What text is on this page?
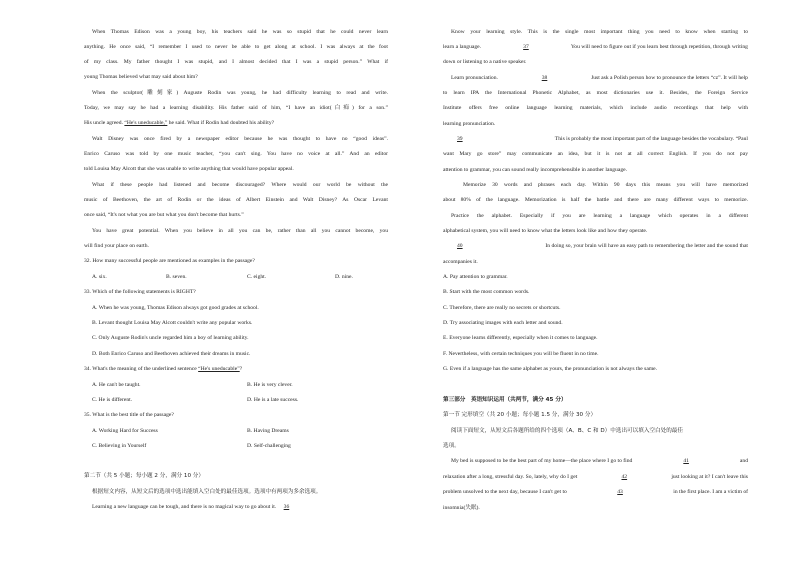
When Thomas Edison was a young boy, his teachers said he was so stupid that he could never learn
anything. He once said, “I remember I used to never be able to get along at school. I was always at the foot
of my class. My father thought I was stupid, and I almost decided that I was a stupid person.” What if
young Thomas believed what may said about him?
When the sculptor(雕刻家) Auguste Rodin was young, he had difficulty learning to read and write.
Today, we may say he had a learning disability. His father said of him, “I have an idiot(白痴) for a son.”
His uncle agreed. “He's uneducable,” he said. What if Rodin had doubted his ability?
Walt Disney was once fired by a newspaper editor because he was thought to have no “good ideas”.
Enrico Caruso was told by one music teacher, “you can't sing. You have no voice at all.” And an editor
told Louisa May Alcott that she was unable to write anything that would have popular appeal.
What if these people had listened and become discouraged? Where would our world be without the
music of Beethoven, the art of Rodin or the ideas of Albert Einstein and Walt Disney? As Oscar Levant
once said, “It's not what you are but what you don't become that hurts.”
You have great potential. When you believe in all you can be, rather than all you cannot become, you
will find your place on earth.
32. How many successful people are mentioned as examples in the passage?
A. six.	B. seven.	C. eight.	D. nine.
33. Which of the following statements is RIGHT?
A. When he was young, Thomas Edison always got good grades at school.
B. Levant thought Louisa May Alcott couldn't write any popular works.
C. Only Auguste Rodin's uncle regarded him a boy of learning ability.
D. Both Enrico Caruso and Beethoven achieved their dreams in music.
34. What's the meaning of the underlined sentence “He's uneducable”?
A. He can't be taught.	B. He is very clever.
C. He is different.	D. He is a late success.
35. What is the best title of the passage?
A. Working Hard for Success	B. Having Dreams
C. Believing in Yourself	D. Self-challenging
第二节（共 5 小题；每小题 2 分，满分 10 分）
根据短文内容，从短文后的选项中选出能填入空白处的最佳选项。选项中有两项为多余选项。
Learning a new language can be tough, and there is no magical way to go about it. 36
Know your learning style. This is the single most important thing you need to know when starting to
learn a language.	37	You will need to figure out if you learn best through repetition, through writing
down or listening to a native speaker.
Learn pronunciation.	38	Just ask a Polish person how to pronounce the letters “cz”. It will help
to learn IPA the International Phonetic Alphabet, as most dictionaries use it. Besides, the Foreign Service
Institute offers free online language learning materials, which include audio recordings that help with
learning pronunciation.
39	This is probably the most important part of the language besides the vocabulary. “Paul
want Mary go store” may communicate an idea, but it is not at all correct English. If you do not pay
attention to grammar, you can sound really incomprehensible in another language.
Memorize 30 words and phrases each day. Within 90 days this means you will have memorized
about 80% of the language. Memorization is half the battle and there are many different ways to memorize.
Practice the alphabet. Especially if you are learning a language which operates in a different
alphabetical system, you will need to know what the letters look like and how they operate.
40	In doing so, your brain will have an easy path to remembering the letter and the sound that
accompanies it.
A. Pay attention to grammar.
B. Start with the most common words.
C. Therefore, there are really no secrets or shortcuts.
D. Try associating images with each letter and sound.
E. Everyone learns differently, especially when it comes to language.
F. Nevertheless, with certain techniques you will be fluent in no time.
G. Even if a language has the same alphabet as yours, the pronunciation is not always the same.
第三部分　英语知识运用（共两节，满分 45 分）
第一节 完形填空（共 20 小题；每小题 1.5 分，满分 30 分）
阅读下面短文，从短文后各题所给的四个选项（A、B、C 和 D）中选出可以填入空白处的最佳
选项。
My bed is supposed to be the best part of my home—the place where I go to find	41	and
relaxation after a long, stressful day. So, lately, why do I get	42	just looking at it? I can't leave this
problem unsolved to the next day, because I can't get to	43	in the first place. I am a victim of
insomnia(失眠).
